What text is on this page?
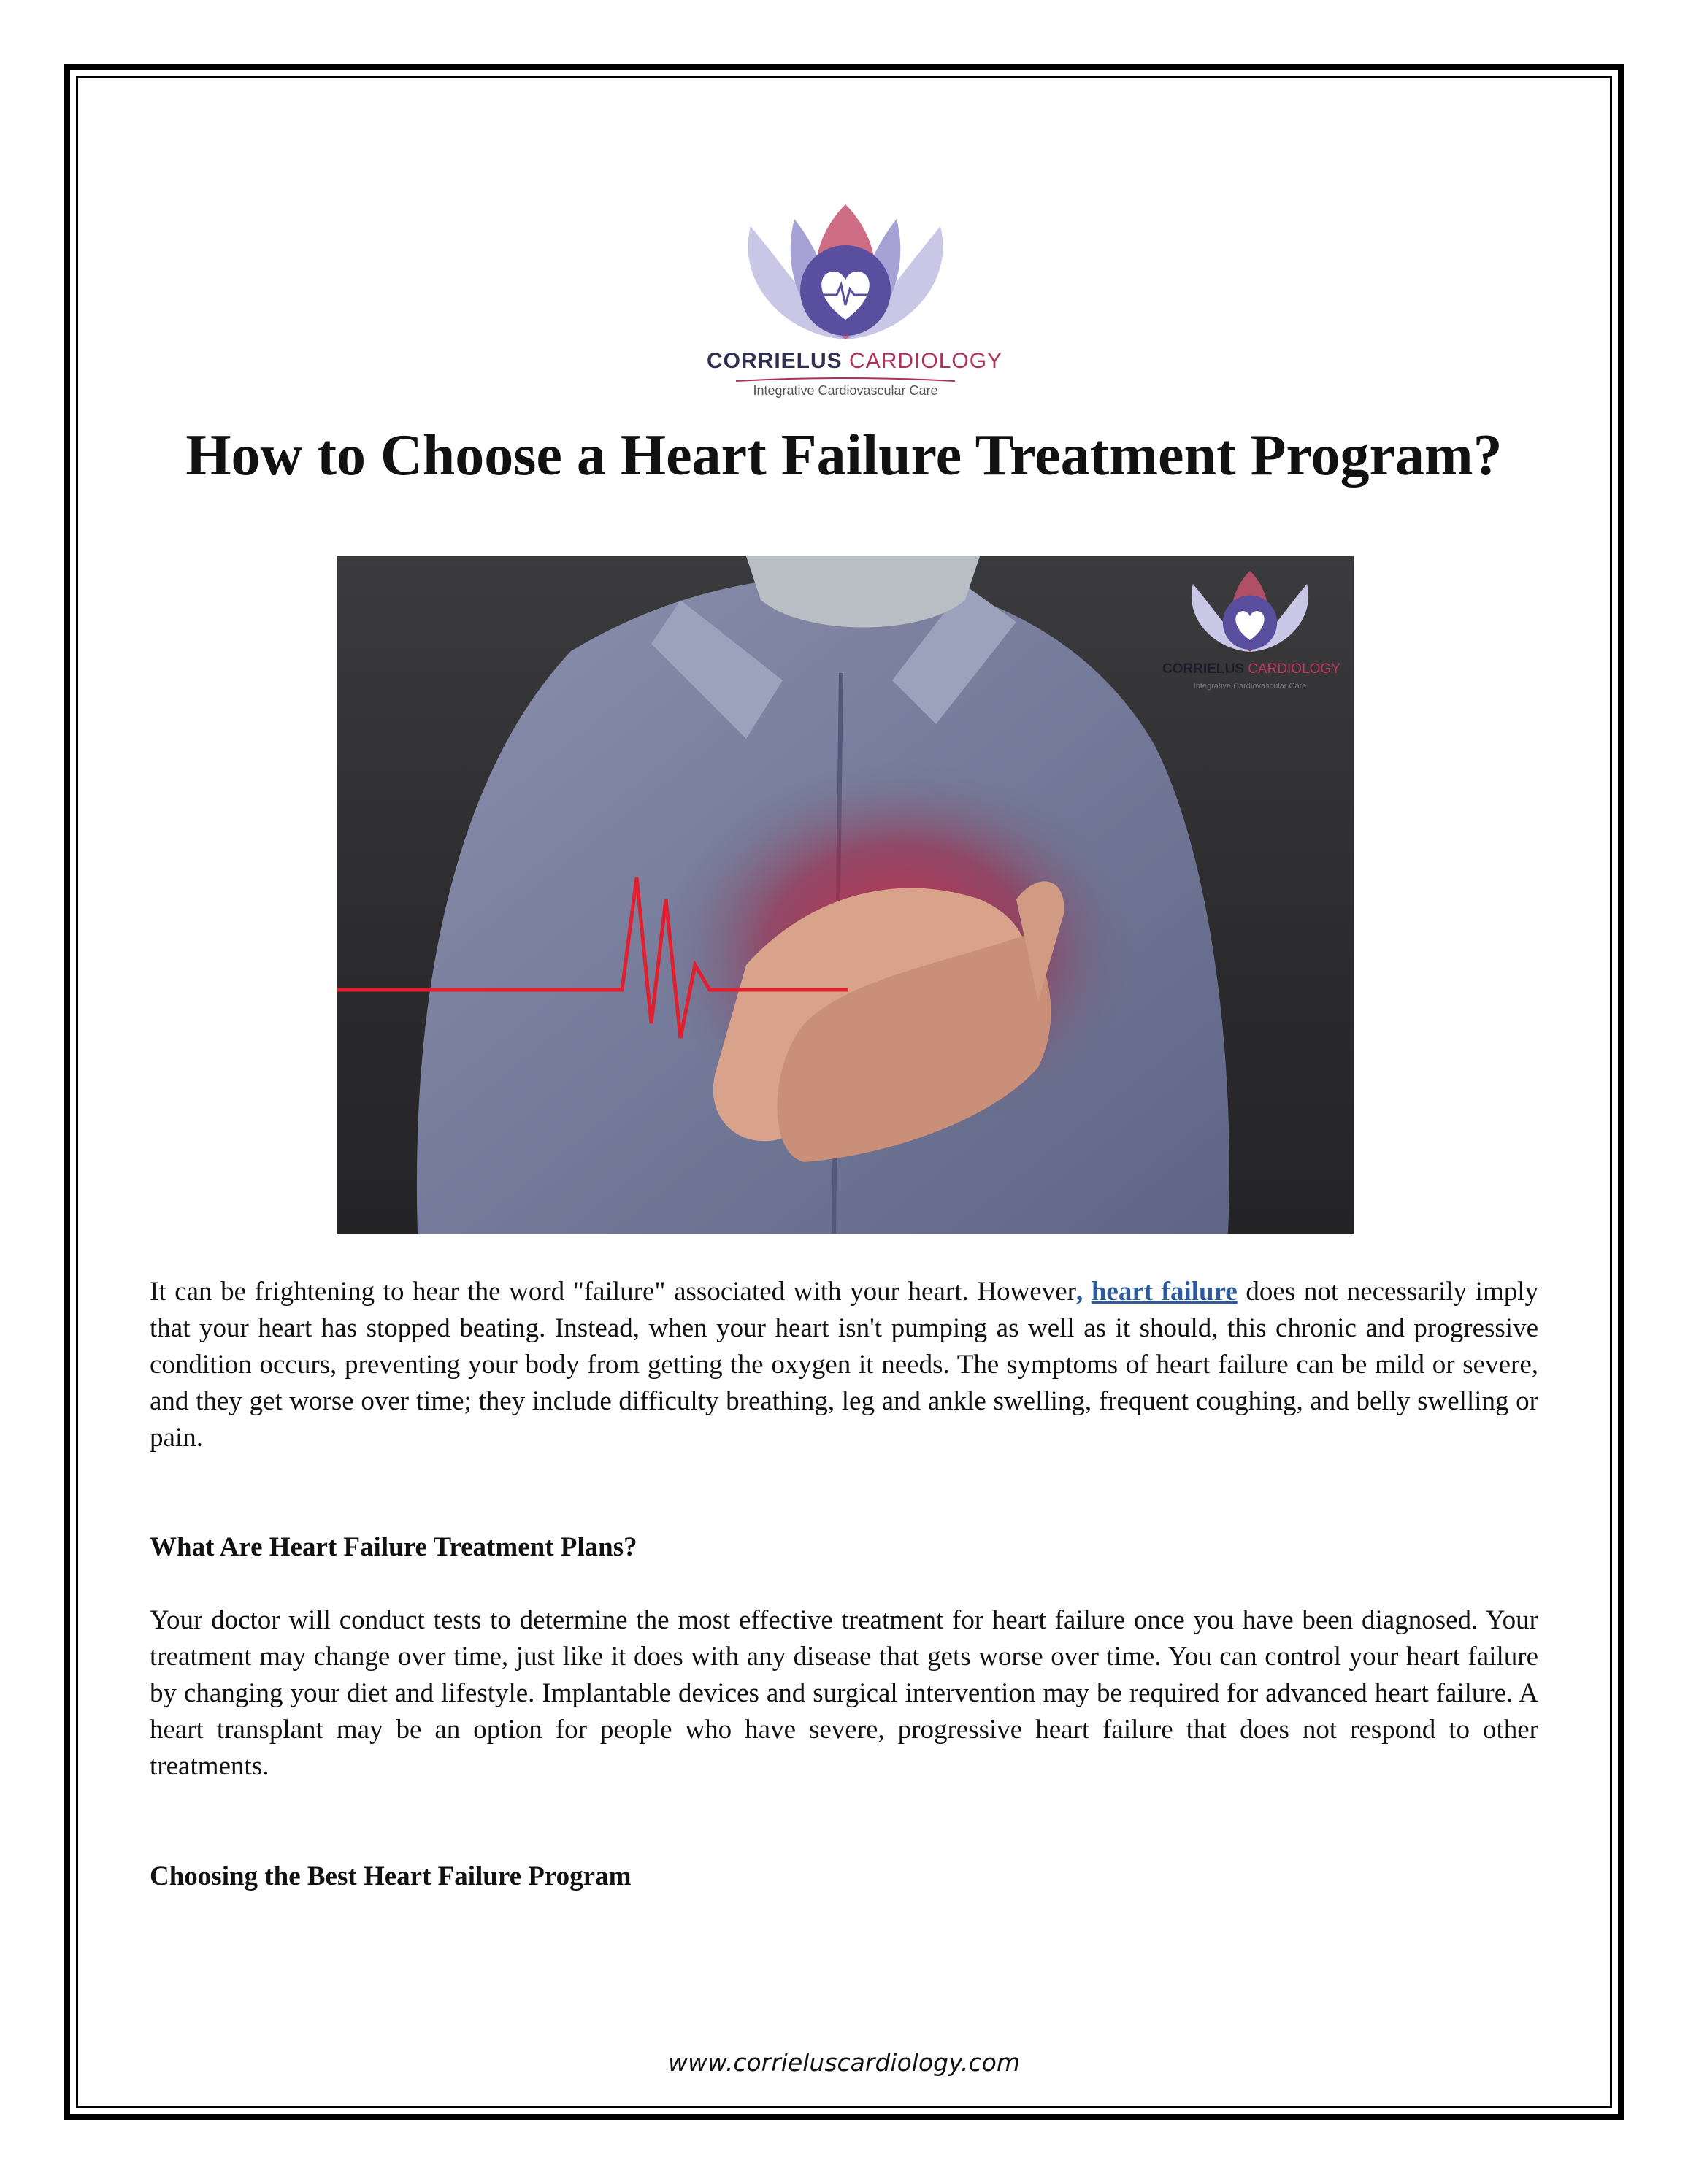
CORRIELUS CARDIOLOGY
Integrative Cardiovascular Care
How to Choose a Heart Failure Treatment Program?
CORRIELUS CARDIOLOGY
Integrative Cardiovascular Care

It can be frightening to hear the word "failure" associated with your heart. However, heart failure does not necessarily imply that your heart has stopped beating. Instead, when your heart isn't pumping as well as it should, this chronic and progressive condition occurs, preventing your body from getting the oxygen it needs. The symptoms of heart failure can be mild or severe, and they get worse over time; they include difficulty breathing, leg and ankle swelling, frequent coughing, and belly swelling or pain.

What Are Heart Failure Treatment Plans?

Your doctor will conduct tests to determine the most effective treatment for heart failure once you have been diagnosed. Your treatment may change over time, just like it does with any disease that gets worse over time. You can control your heart failure by changing your diet and lifestyle. Implantable devices and surgical intervention may be required for advanced heart failure. A heart transplant may be an option for people who have severe, progressive heart failure that does not respond to other treatments.

Choosing the Best Heart Failure Program
www.corrieluscardiology.com
